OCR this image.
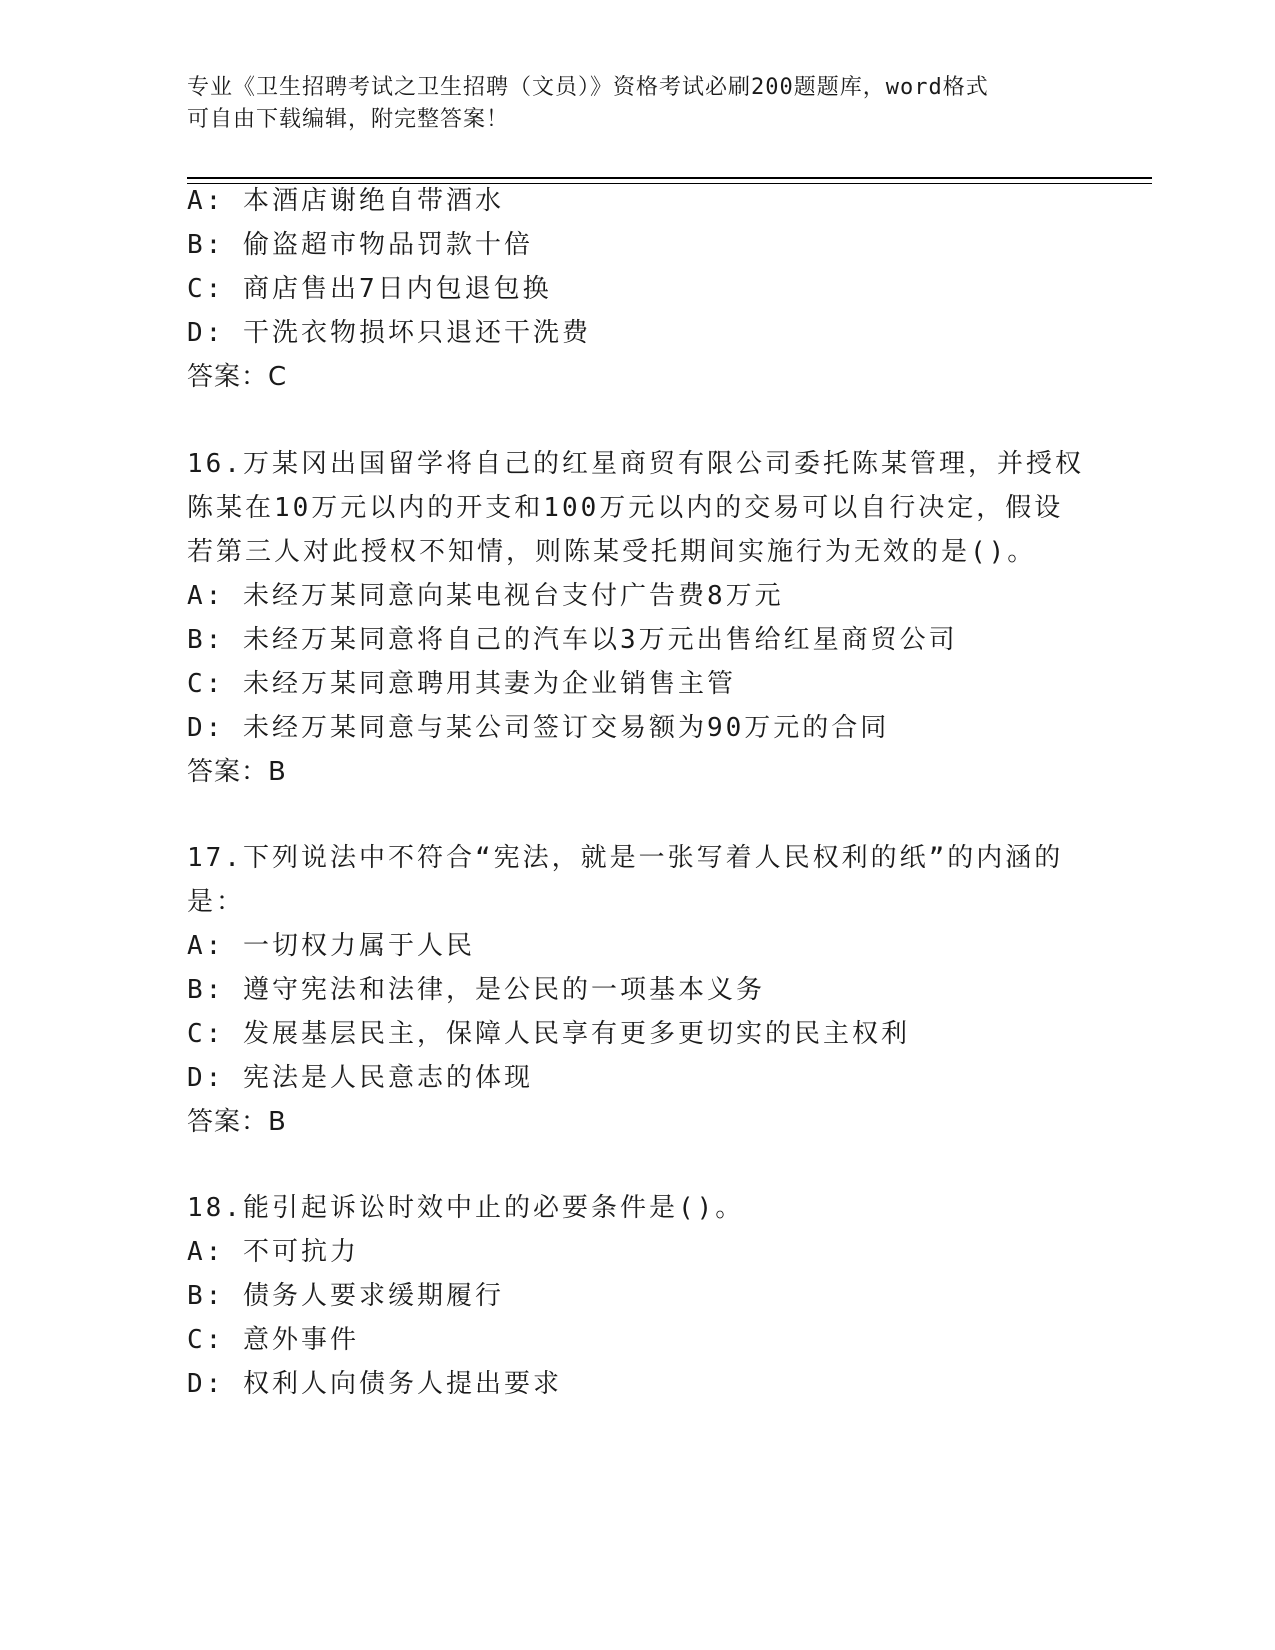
专业《卫生招聘考试之卫生招聘（文员）》资格考试必刷200题题库，word格式
可自由下载编辑，附完整答案！
A: 本酒店谢绝自带酒水
B: 偷盗超市物品罚款十倍
C: 商店售出7日内包退包换
D: 干洗衣物损坏只退还干洗费
答案：C
16.万某冈出国留学将自己的红星商贸有限公司委托陈某管理，并授权
陈某在10万元以内的开支和100万元以内的交易可以自行决定，假设
若第三人对此授权不知情，则陈某受托期间实施行为无效的是()。
A: 未经万某同意向某电视台支付广告费8万元
B: 未经万某同意将自己的汽车以3万元出售给红星商贸公司
C: 未经万某同意聘用其妻为企业销售主管
D: 未经万某同意与某公司签订交易额为90万元的合同
答案：B
17.下列说法中不符合“宪法，就是一张写着人民权利的纸”的内涵的
是：
A: 一切权力属于人民
B: 遵守宪法和法律，是公民的一项基本义务
C: 发展基层民主，保障人民享有更多更切实的民主权利
D: 宪法是人民意志的体现
答案：B
18.能引起诉讼时效中止的必要条件是()。
A: 不可抗力
B: 债务人要求缓期履行
C: 意外事件
D: 权利人向债务人提出要求
